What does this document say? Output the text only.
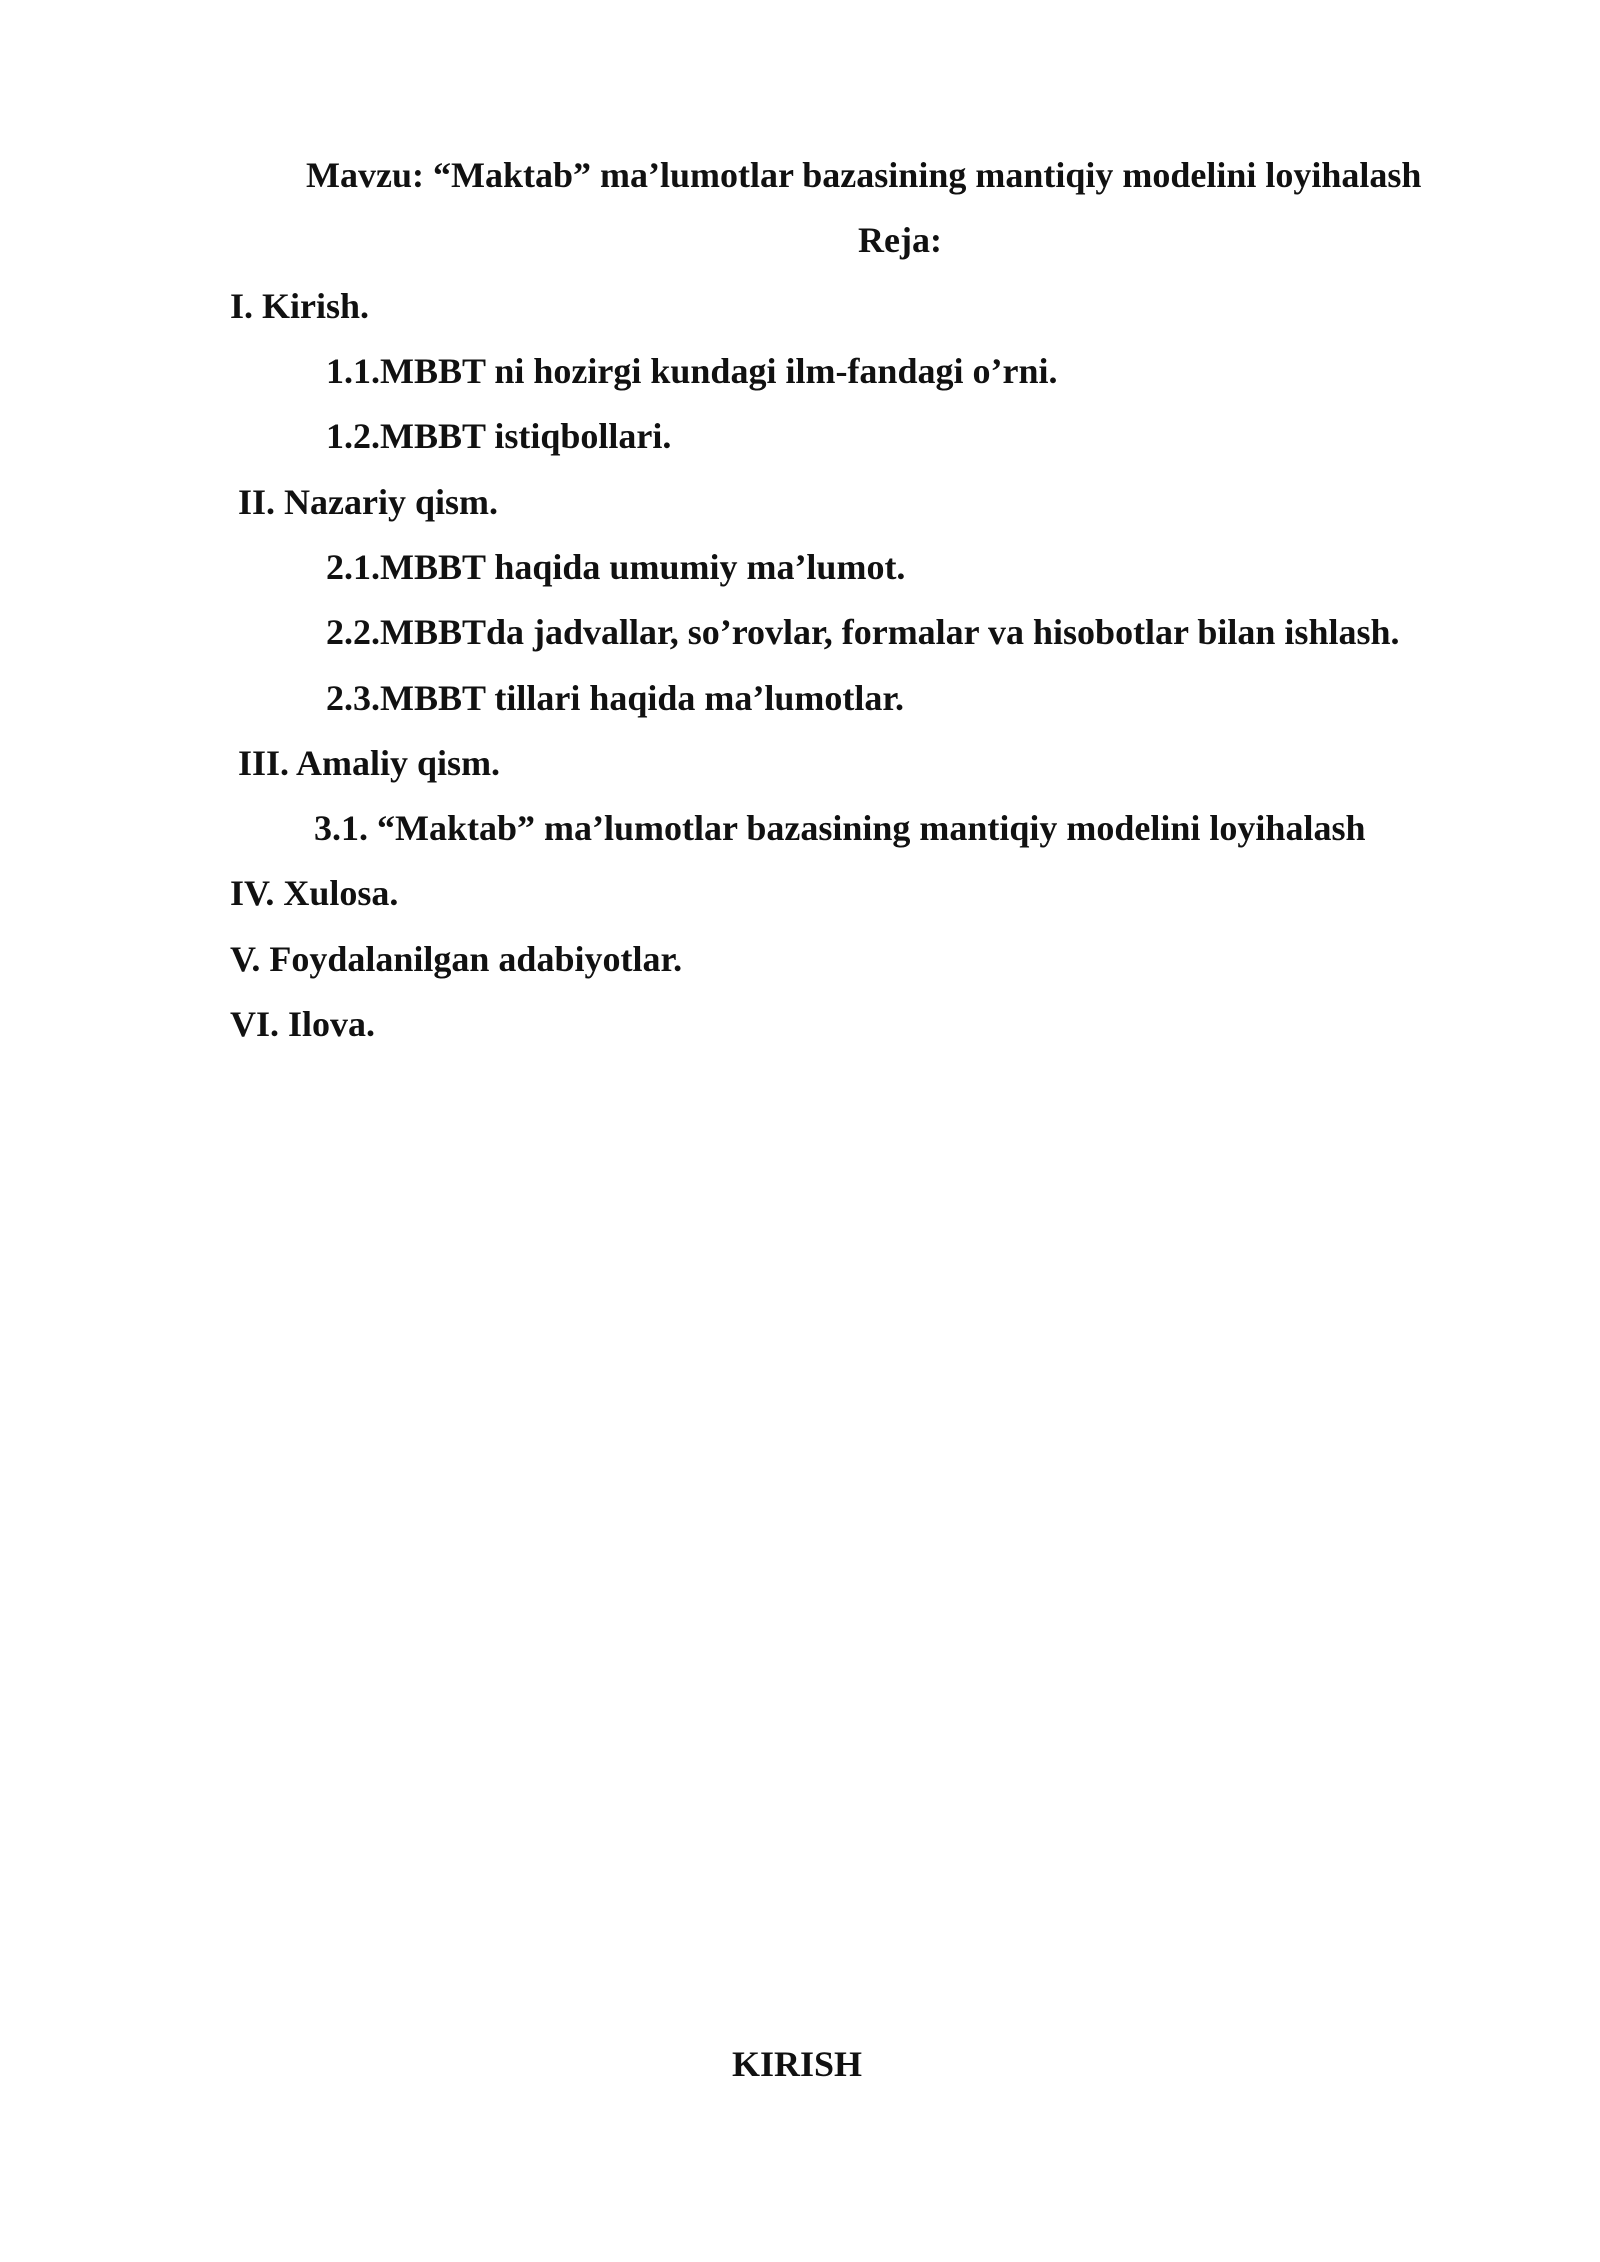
Mavzu: “Maktab” ma’lumotlar bazasining mantiqiy modelini loyihalash
Reja:
I. Kirish.
1.1.MBBT ni hozirgi kundagi ilm-fandagi o’rni.
1.2.MBBT istiqbollari.
II. Nazariy qism.
2.1.MBBT haqida umumiy ma’lumot.
2.2.MBBTda jadvallar, so’rovlar, formalar va hisobotlar bilan ishlash.
2.3.MBBT tillari haqida ma’lumotlar.
III. Amaliy qism.
3.1. “Maktab” ma’lumotlar bazasining mantiqiy modelini loyihalash
IV. Xulosa.
V. Foydalanilgan adabiyotlar.
VI. Ilova.
KIRISH
